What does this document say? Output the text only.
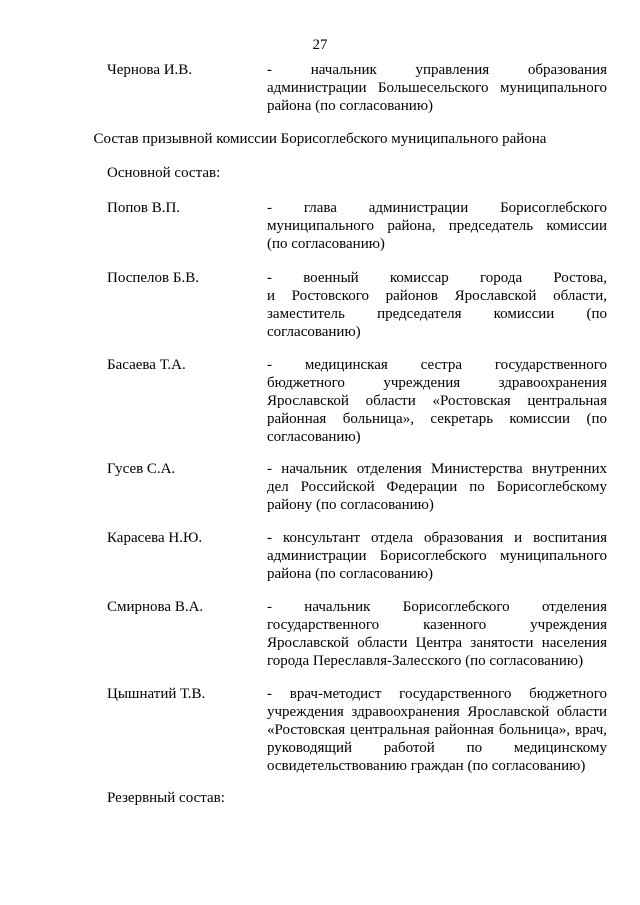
27
Чернова И.В.	- начальник управления образования
администрации Большесельского муниципального
района (по согласованию)
Состав призывной комиссии Борисоглебского муниципального района
Основной состав:
Попов В.П.	- глава администрации Борисоглебского
муниципального района, председатель комиссии
(по согласованию)
Поспелов Б.В.	- военный комиссар города Ростова,
и Ростовского районов Ярославской области,
заместитель председателя комиссии (по
согласованию)
Басаева Т.А.	- медицинская сестра государственного
бюджетного учреждения здравоохранения
Ярославской области «Ростовская центральная
районная больница», секретарь комиссии (по
согласованию)
Гусев С.А.	- начальник отделения Министерства внутренних
дел Российской Федерации по Борисоглебскому
району (по согласованию)
Карасева Н.Ю.	- консультант отдела образования и воспитания
администрации Борисоглебского муниципального
района (по согласованию)
Смирнова В.А.	- начальник Борисоглебского отделения
государственного казенного учреждения
Ярославской области Центра занятости населения
города Переславля-Залесского (по согласованию)
Цышнатий Т.В.	- врач-методист государственного бюджетного
учреждения здравоохранения Ярославской области
«Ростовская центральная районная больница», врач,
руководящий работой по медицинскому
освидетельствованию граждан (по согласованию)
Резервный состав:
